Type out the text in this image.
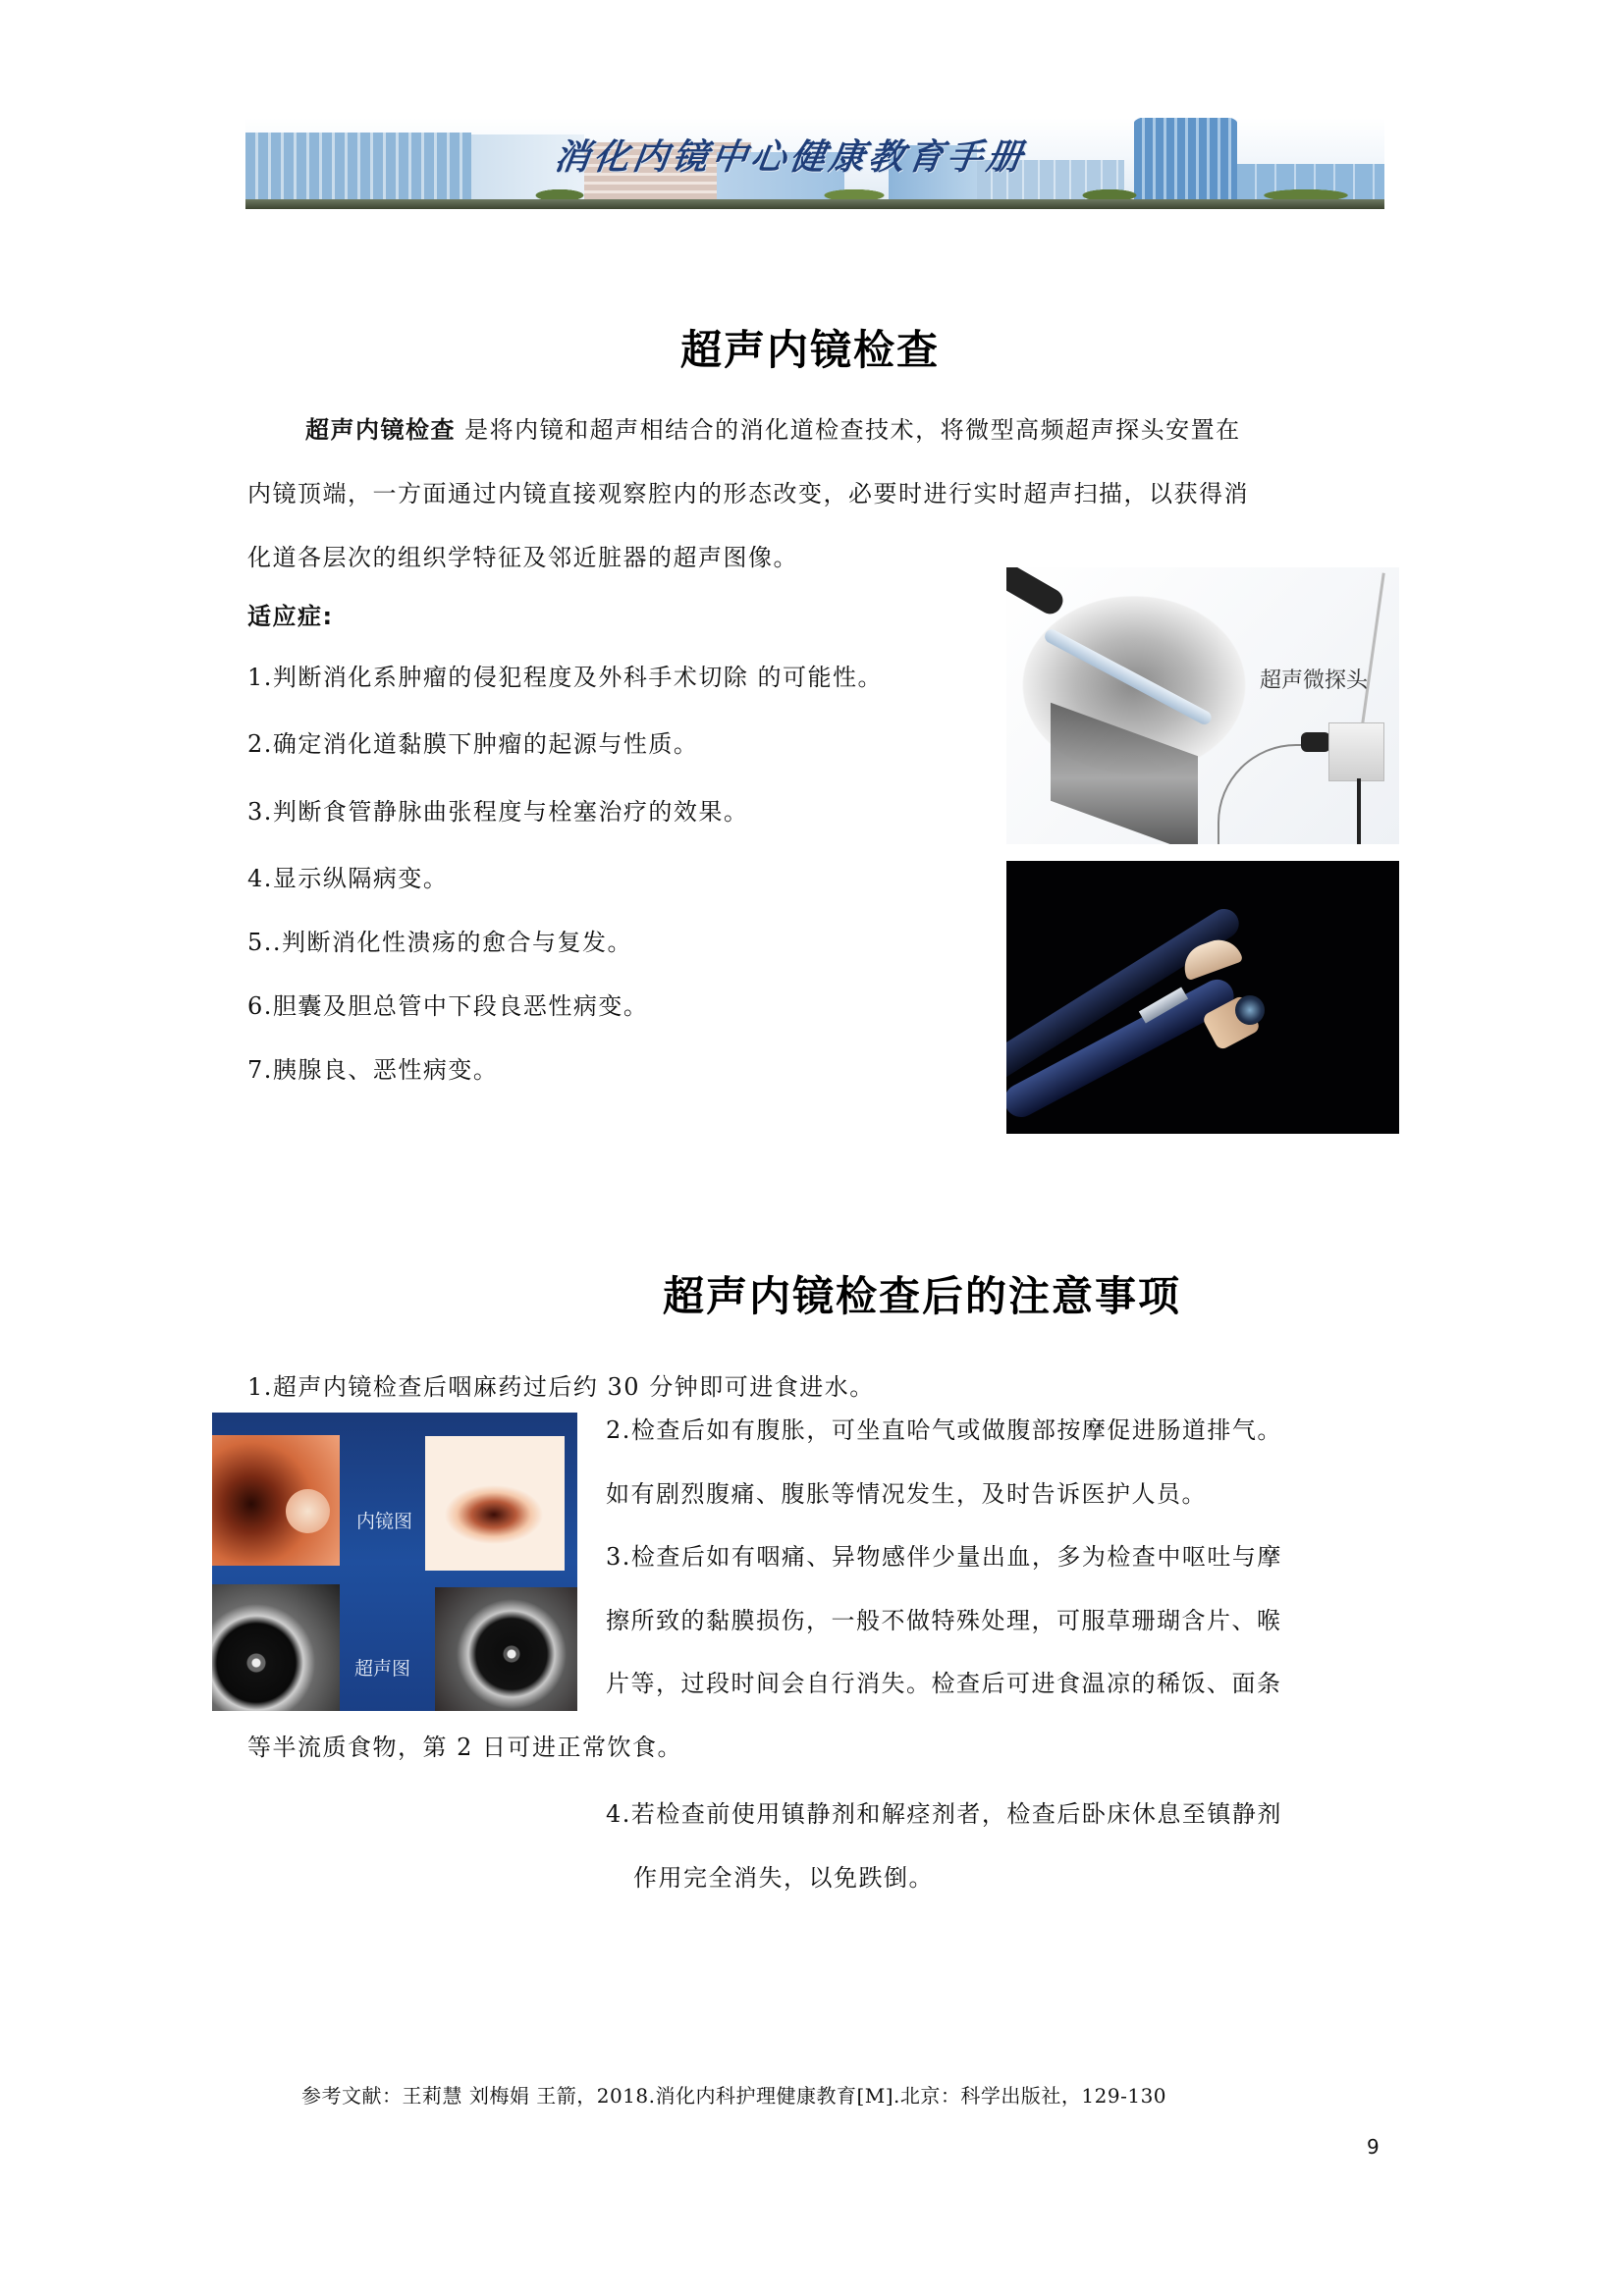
消化内镜中心健康教育手册
超声内镜检查
超声内镜检查 是将内镜和超声相结合的消化道检查技术，将微型高频超声探头安置在
内镜顶端，一方面通过内镜直接观察腔内的形态改变，必要时进行实时超声扫描，以获得消
化道各层次的组织学特征及邻近脏器的超声图像。
适应症:
1.判断消化系肿瘤的侵犯程度及外科手术切除 的可能性。
2.确定消化道黏膜下肿瘤的起源与性质。
3.判断食管静脉曲张程度与栓塞治疗的效果。
4.显示纵隔病变。
5..判断消化性溃疡的愈合与复发。
6.胆囊及胆总管中下段良恶性病变。
7.胰腺良、恶性病变。
超声微探头
超声内镜检查后的注意事项
1.超声内镜检查后咽麻药过后约 30 分钟即可进食进水。
内镜图
超声图
2.检查后如有腹胀，可坐直哈气或做腹部按摩促进肠道排气。
如有剧烈腹痛、腹胀等情况发生，及时告诉医护人员。
3.检查后如有咽痛、异物感伴少量出血，多为检查中呕吐与摩
擦所致的黏膜损伤，一般不做特殊处理，可服草珊瑚含片、喉
片等，过段时间会自行消失。检查后可进食温凉的稀饭、面条
等半流质食物，第 2 日可进正常饮食。
4.若检查前使用镇静剂和解痉剂者，检查后卧床休息至镇静剂
作用完全消失，以免跌倒。
参考文献：王莉慧 刘梅娟 王箭，2018.消化内科护理健康教育[M].北京：科学出版社，129-130
9
